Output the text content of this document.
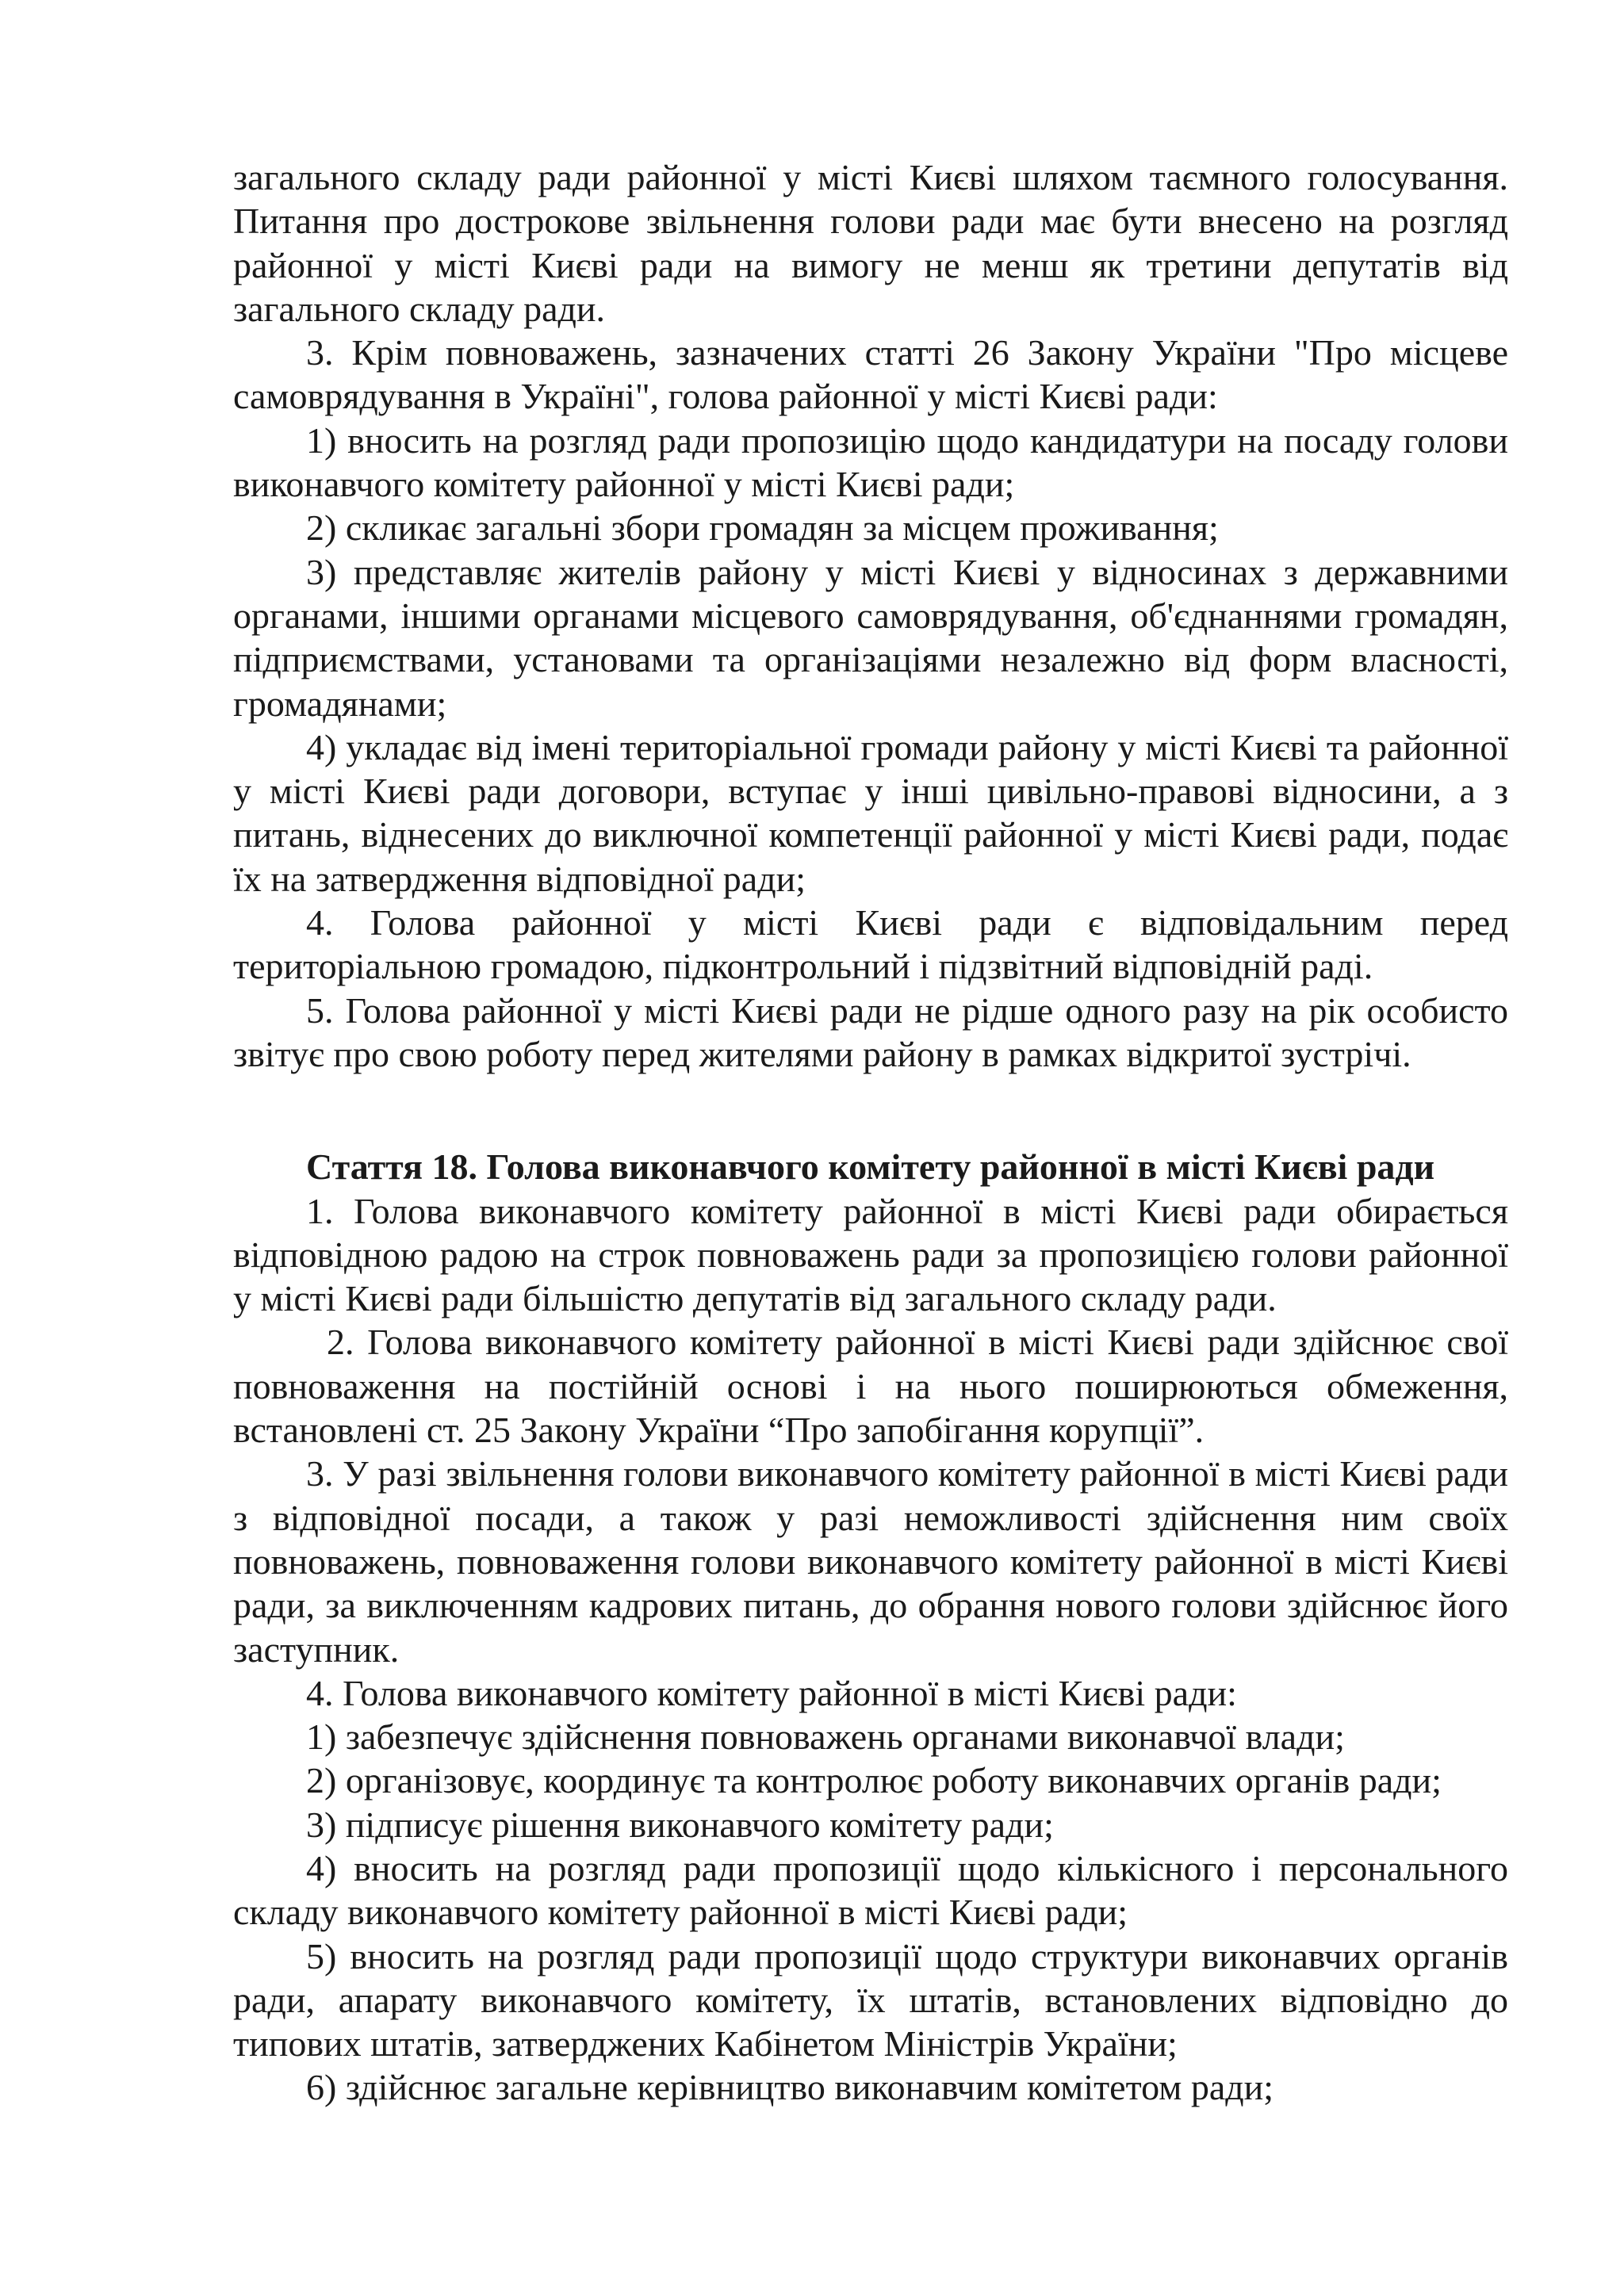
загального складу ради районної у місті Києві шляхом таємного голосування. Питання про дострокове звільнення голови ради має бути внесено на розгляд районної у місті Києві ради на вимогу не менш як третини депутатів від загального складу ради.

3. Крім повноважень, зазначених статті 26 Закону України "Про місцеве самоврядування в Україні", голова районної у місті Києві ради:

1) вносить на розгляд ради пропозицію щодо кандидатури на посаду голови виконавчого комітету районної у місті Києві ради;

2) скликає загальні збори громадян за місцем проживання;

3) представляє жителів району у місті Києві у відносинах з державними органами, іншими органами місцевого самоврядування, об'єднаннями громадян, підприємствами, установами та організаціями незалежно від форм власності, громадянами;

4) укладає від імені територіальної громади району у місті Києві та районної у місті Києві ради договори, вступає у інші цивільно-правові відносини, а з питань, віднесених до виключної компетенції районної у місті Києві ради, подає їх на затвердження відповідної ради;

4. Голова районної у місті Києві ради є відповідальним перед територіальною громадою, підконтрольний і підзвітний відповідній раді.

5. Голова районної у місті Києві ради не рідше одного разу на рік особисто звітує про свою роботу перед жителями району в рамках відкритої зустрічі.

Стаття 18. Голова виконавчого комітету районної в місті Києві ради

1. Голова виконавчого комітету районної в місті Києві ради обирається відповідною радою на строк повноважень ради за пропозицією голови районної у місті Києві ради більшістю депутатів від загального складу ради.

2. Голова виконавчого комітету районної в місті Києві ради здійснює свої повноваження на постійній основі і на нього поширюються обмеження, встановлені ст. 25 Закону України “Про запобігання корупції”.

3. У разі звільнення голови виконавчого комітету районної в місті Києві ради з відповідної посади, а також у разі неможливості здійснення ним своїх повноважень, повноваження голови виконавчого комітету районної в місті Києві ради, за виключенням кадрових питань, до обрання нового голови здійснює його заступник.

4. Голова виконавчого комітету районної в місті Києві ради:

1) забезпечує здійснення повноважень органами виконавчої влади;

2) організовує, координує та контролює роботу виконавчих органів ради;

3) підписує рішення виконавчого комітету ради;

4) вносить на розгляд ради пропозиції щодо кількісного і персонального складу виконавчого комітету районної в місті Києві ради;

5) вносить на розгляд ради пропозиції щодо структури виконавчих органів ради, апарату виконавчого комітету, їх штатів, встановлених відповідно до типових штатів, затверджених Кабінетом Міністрів України;

6) здійснює загальне керівництво виконавчим комітетом ради;
